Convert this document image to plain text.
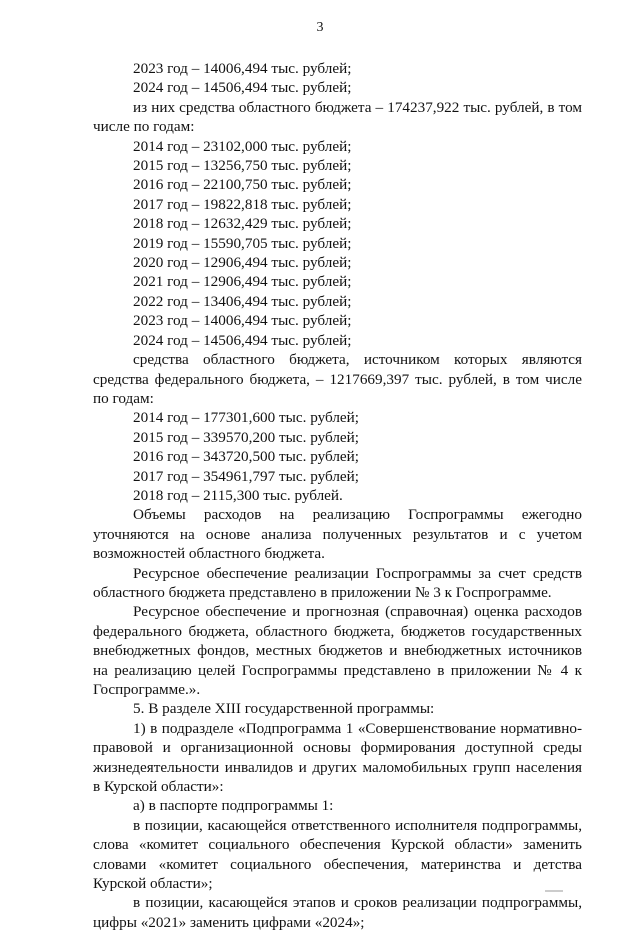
3

2023 год – 14006,494 тыс. рублей;

2024 год – 14506,494 тыс. рублей;

из них средства областного бюджета – 174237,922 тыс. рублей, в том числе по годам:

2014 год – 23102,000 тыс. рублей;

2015 год – 13256,750 тыс. рублей;

2016 год – 22100,750 тыс. рублей;

2017 год – 19822,818 тыс. рублей;

2018 год – 12632,429 тыс. рублей;

2019 год – 15590,705 тыс. рублей;

2020 год – 12906,494 тыс. рублей;

2021 год – 12906,494 тыс. рублей;

2022 год – 13406,494 тыс. рублей;

2023 год – 14006,494 тыс. рублей;

2024 год – 14506,494 тыс. рублей;

средства областного бюджета, источником которых являются средства федерального бюджета, – 1217669,397 тыс. рублей, в том числе по годам:

2014 год – 177301,600 тыс. рублей;

2015 год – 339570,200 тыс. рублей;

2016 год – 343720,500 тыс. рублей;

2017 год – 354961,797 тыс. рублей;

2018 год – 2115,300 тыс. рублей.

Объемы расходов на реализацию Госпрограммы ежегодно уточняются на основе анализа полученных результатов и с учетом возможностей областного бюджета.

Ресурсное обеспечение реализации Госпрограммы за счет средств областного бюджета представлено в приложении № 3 к Госпрограмме.

Ресурсное обеспечение и прогнозная (справочная) оценка расходов федерального бюджета, областного бюджета, бюджетов государственных внебюджетных фондов, местных бюджетов и внебюджетных источников на реализацию целей Госпрограммы представлено в приложении № 4 к Госпрограмме.».

5. В разделе XIII государственной программы:

1) в подразделе «Подпрограмма 1 «Совершенствование нормативно-правовой и организационной основы формирования доступной среды жизнедеятельности инвалидов и других маломобильных групп населения в Курской области»:

а) в паспорте подпрограммы 1:

в позиции, касающейся ответственного исполнителя подпрограммы, слова «комитет социального обеспечения Курской области» заменить словами «комитет социального обеспечения, материнства и детства Курской области»;

в позиции, касающейся этапов и сроков реализации подпрограммы, цифры «2021» заменить цифрами «2024»;
